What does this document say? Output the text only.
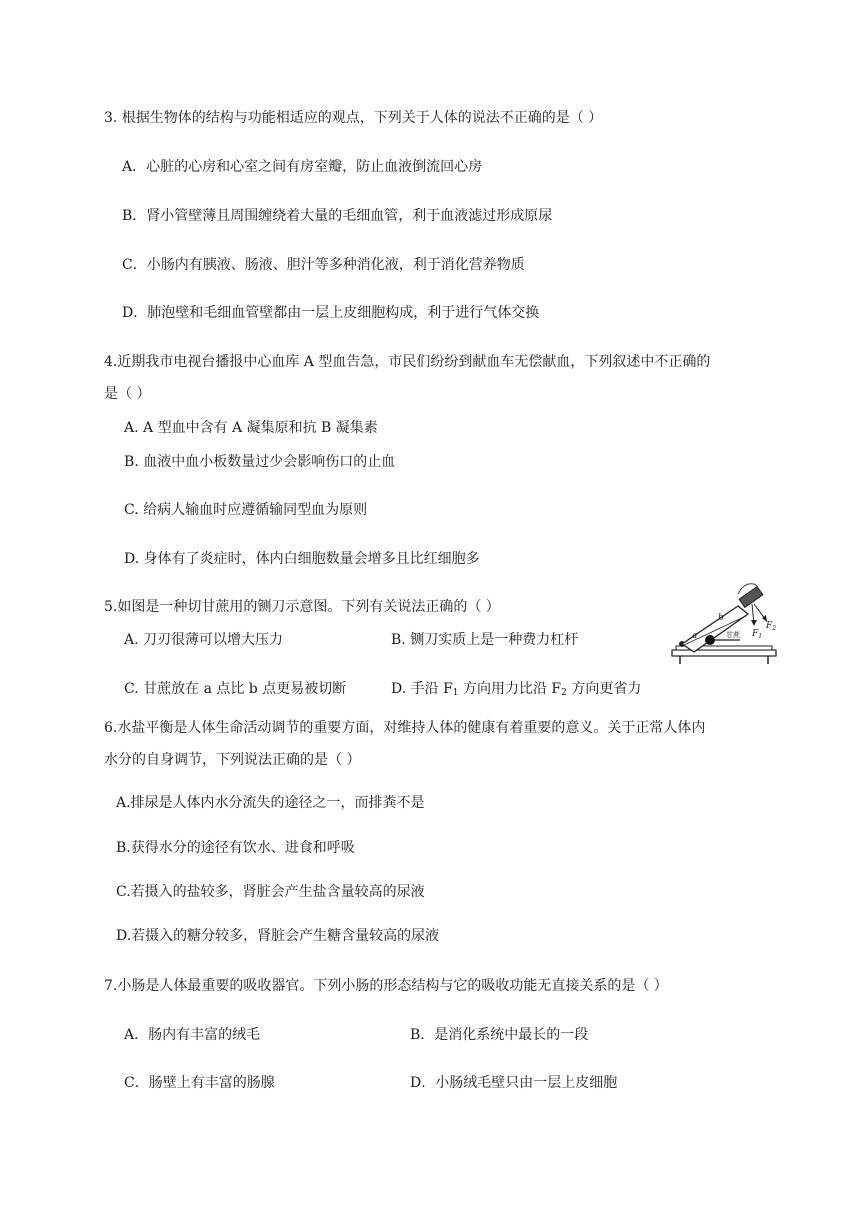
3. 根据生物体的结构与功能相适应的观点，下列关于人体的说法不正确的是（ ）
A．心脏的心房和心室之间有房室瓣，防止血液倒流回心房
B．肾小管壁薄且周围缠绕着大量的毛细血管，利于血液滤过形成原尿
C．小肠内有胰液、肠液、胆汁等多种消化液，利于消化营养物质
D．肺泡壁和毛细血管壁都由一层上皮细胞构成，利于进行气体交换
4.近期我市电视台播报中心血库 A 型血告急，市民们纷纷到献血车无偿献血，下列叙述中不正确的
是（ ）
A. A 型血中含有 A 凝集原和抗 B 凝集素
B. 血液中血小板数量过少会影响伤口的止血
C. 给病人输血时应遵循输同型血为原则
D. 身体有了炎症时，体内白细胞数量会增多且比红细胞多
5.如图是一种切甘蔗用的铡刀示意图。下列有关说法正确的（ ）
A. 刀刃很薄可以增大压力	B. 铡刀实质上是一种费力杠杆
C. 甘蔗放在 a 点比 b 点更易被切断	D. 手沿 $F_1$ 方向用力比沿 $F_2$ 方向更省力
a
b
甘蔗 $F_1$
$F_2$
6.水盐平衡是人体生命活动调节的重要方面，对维持人体的健康有着重要的意义。关于正常人体内
水分的自身调节，下列说法正确的是（ ）
A.排尿是人体内水分流失的途径之一，而排粪不是
B.获得水分的途径有饮水、进食和呼吸
C.若摄入的盐较多，肾脏会产生盐含量较高的尿液
D.若摄入的糖分较多，肾脏会产生糖含量较高的尿液
7.小肠是人体最重要的吸收器官。下列小肠的形态结构与它的吸收功能无直接关系的是（ ）
A．肠内有丰富的绒毛	B．是消化系统中最长的一段
C．肠壁上有丰富的肠腺	D．小肠绒毛壁只由一层上皮细胞
